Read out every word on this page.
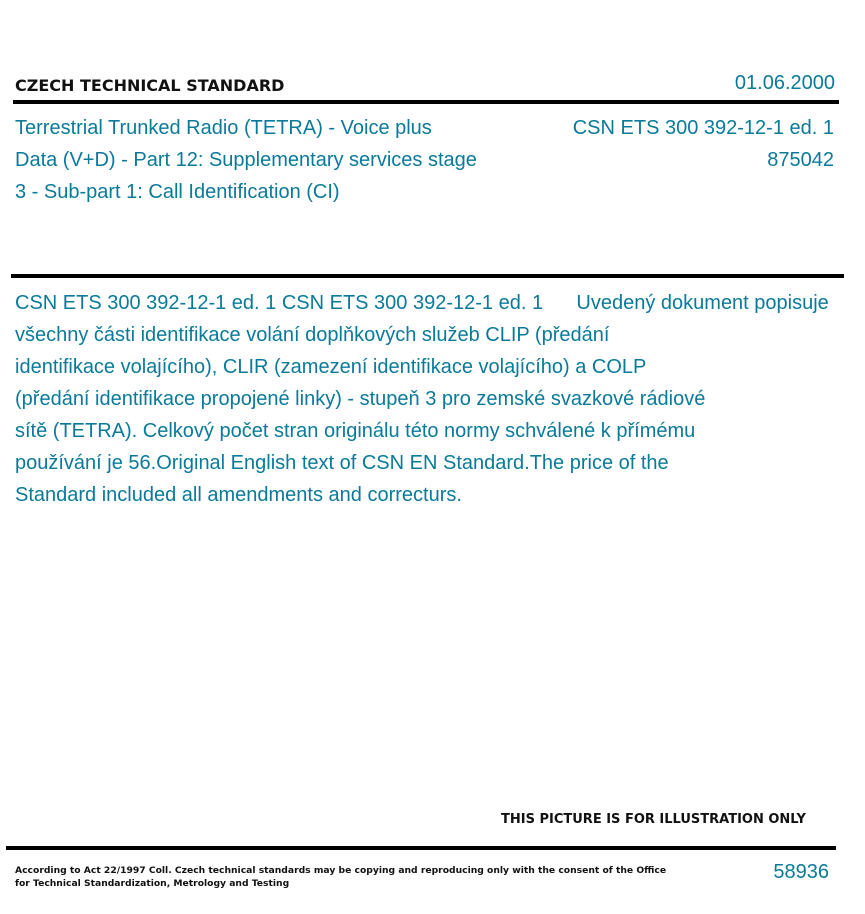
CZECH TECHNICAL STANDARD	01.06.2000
Terrestrial Trunked Radio (TETRA) - Voice plus
Data (V+D) - Part 12: Supplementary services stage
3 - Sub-part 1: Call Identification (CI)
CSN ETS 300 392-12-1 ed. 1
875042
CSN ETS 300 392-12-1 ed. 1 CSN ETS 300 392-12-1 ed. 1      Uvedený dokument popisuje
všechny části identifikace volání doplňkových služeb CLIP (předání
identifikace volajícího), CLIR (zamezení identifikace volajícího) a COLP
(předání identifikace propojené linky) - stupeň 3 pro zemské svazkové rádiové
sítě (TETRA). Celkový počet stran originálu této normy schválené k přímému
používání je 56.Original English text of CSN EN Standard.The price of the
Standard included all amendments and correcturs.
THIS PICTURE IS FOR ILLUSTRATION ONLY
According to Act 22/1997 Coll. Czech technical standards may be copying and reproducing only with the consent of the Office
for Technical Standardization, Metrology and Testing
58936
